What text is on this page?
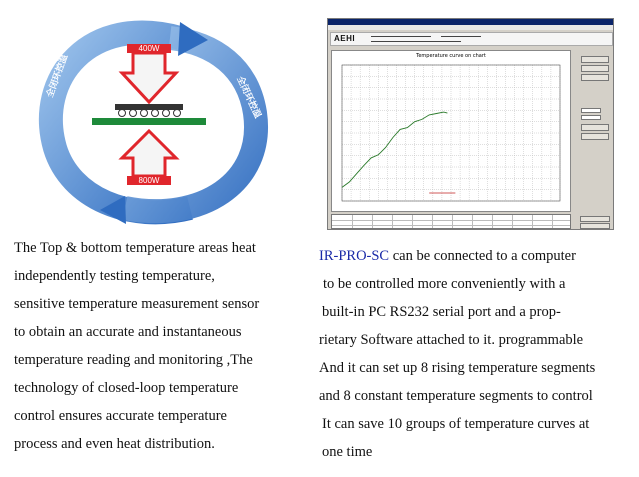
400W
800W
全闭环控温	全闭环控温
AEHI
Temperature curve on chart
The Top & bottom temperature areas heat
independently testing temperature,
sensitive temperature measurement sensor
to obtain an accurate and instantaneous
temperature reading and monitoring ,The
technology of closed-loop temperature
control ensures accurate temperature
process and even heat distribution.
IR-PRO-SC can be connected to a computer
to be controlled more conveniently with a
built-in PC RS232 serial port and a prop-
rietary Software attached to it. programmable
And it can set up 8 rising temperature segments
and 8 constant temperature segments to control
It can save 10 groups of temperature curves at
one time
